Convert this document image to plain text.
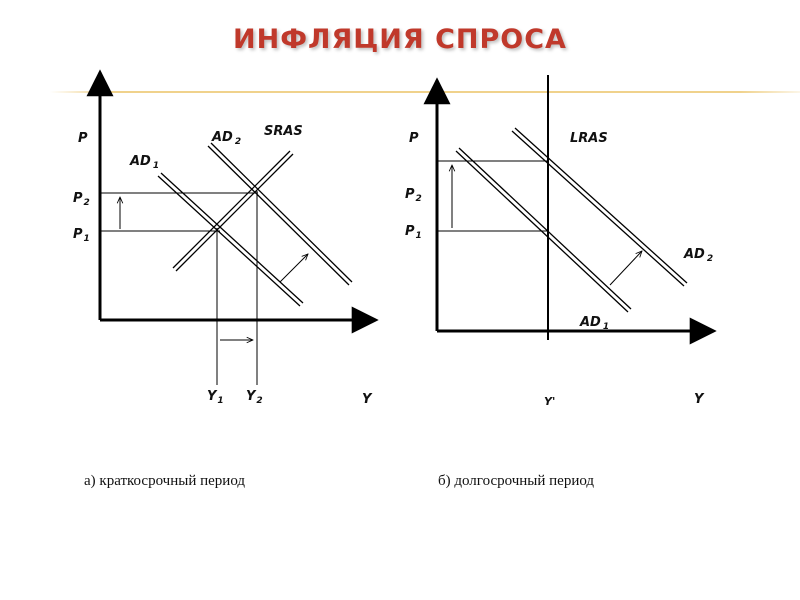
ИНФЛЯЦИЯ СПРОСА
P
Y
SRAS
AD $_2$
AD $_1$
$P_2$
$P_1$
$Y_1$ $Y_2$
P
Y
LRAS
AD $_2$
AD $_1$
$P_2$
$P_1$
Y'
а) краткосрочный период	б) долгосрочный период
